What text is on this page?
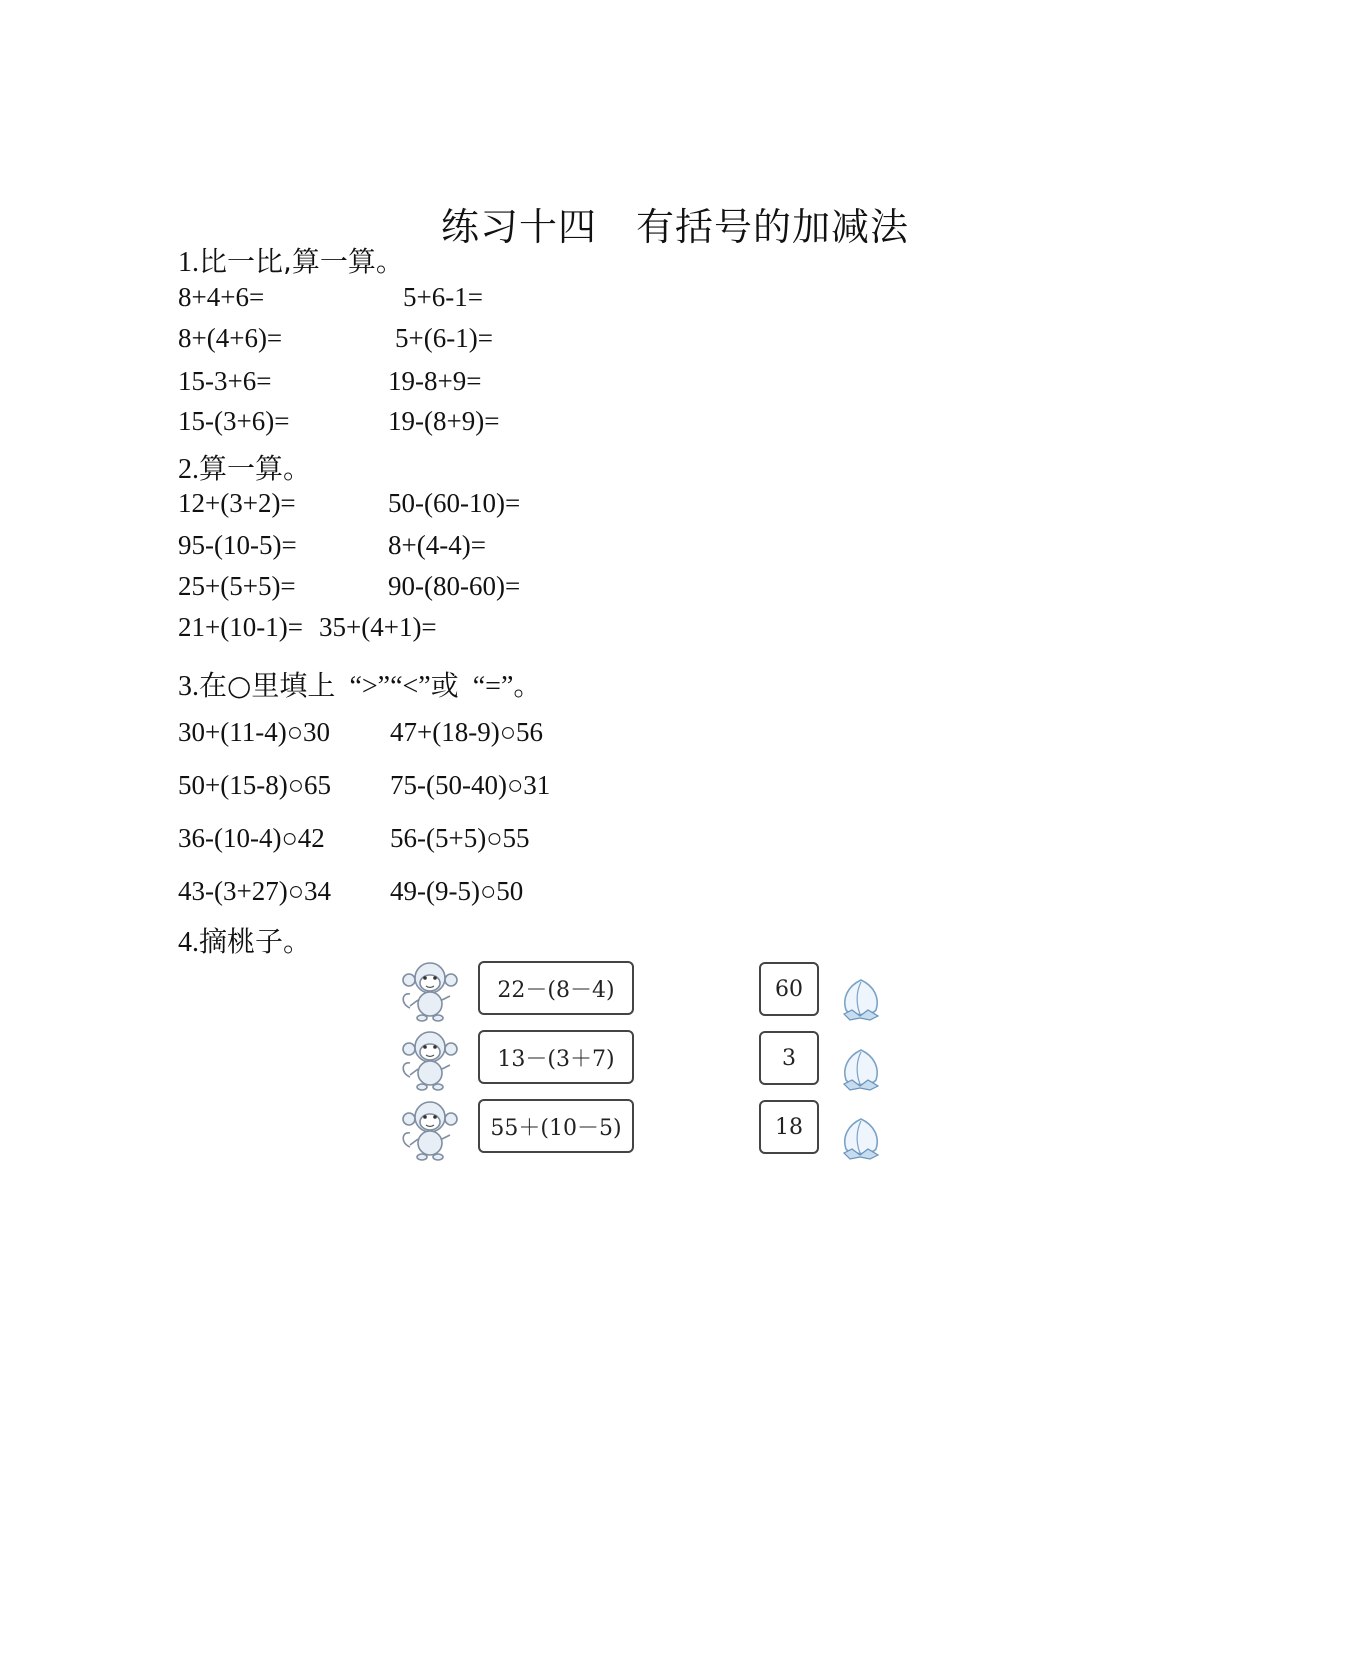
练习十四　有括号的加减法
1.比一比,算一算。
8+4+6=	5+6-1=
8+(4+6)=	5+(6-1)=
15-3+6=	19-8+9=
15-(3+6)=	19-(8+9)=
2.算一算。
12+(3+2)=	50-(60-10)=
95-(10-5)=	8+(4-4)=
25+(5+5)=	90-(80-60)=
21+(10-1)= 35+(4+1)=
3.在○里填上 “>”“<”或 “=”。
30+(11-4)○30 47+(18-9)○56
50+(15-8)○65 75-(50-40)○31
36-(10-4)○42 56-(5+5)○55
43-(3+27)○34 49-(9-5)○50
4.摘桃子。
22－(8－4)
13－(3＋7)
55＋(10－5)
60
3
18
